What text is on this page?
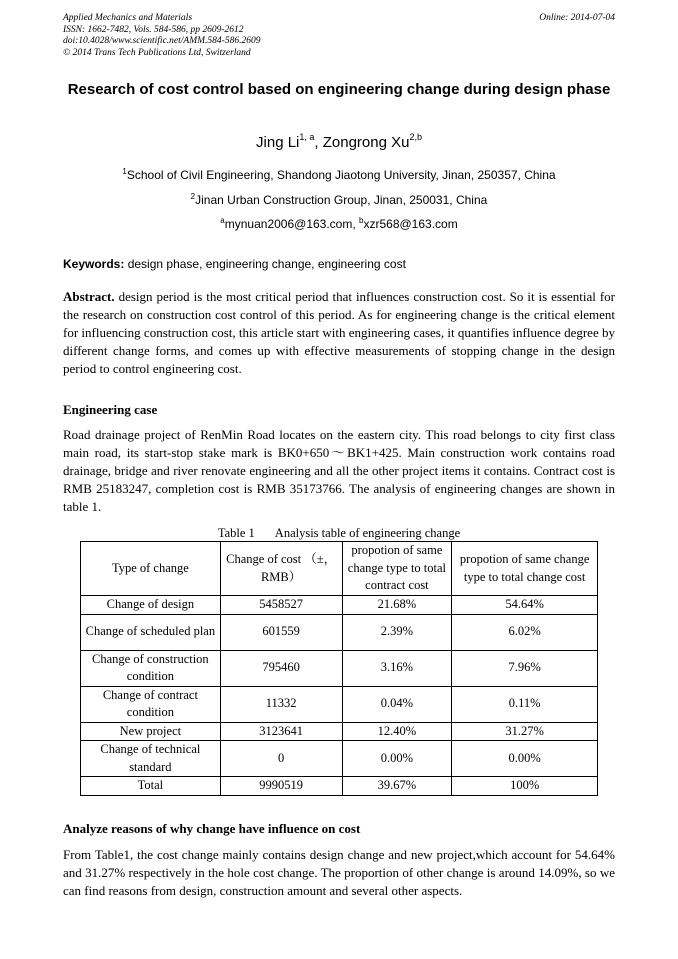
Applied Mechanics and Materials
ISSN: 1662-7482, Vols. 584-586, pp 2609-2612
doi:10.4028/www.scientific.net/AMM.584-586.2609
© 2014 Trans Tech Publications Ltd, Switzerland
Online: 2014-07-04
Research of cost control based on engineering change during design phase
Jing Li$^{1, a}$, Zongrong Xu$^{2,b}$
$^1$School of Civil Engineering, Shandong Jiaotong University, Jinan, 250357, China
$^2$Jinan Urban Construction Group, Jinan, 250031, China
$^a$mynuan2006@163.com, $^b$xzr568@163.com
Keywords: design phase, engineering change, engineering cost

Abstract. design period is the most critical period that influences construction cost. So it is essential for the research on construction cost control of this period. As for engineering change is the critical element for influencing construction cost, this article start with engineering cases, it quantifies influence degree by different change forms, and comes up with effective measurements of stopping change in the design period to control engineering cost.

Engineering case

Road drainage project of RenMin Road locates on the eastern city. This road belongs to city first class main road, its start-stop stake mark is BK0+650～BK1+425. Main construction work contains road drainage, bridge and river renovate engineering and all the other project items it contains. Contract cost is RMB 25183247, completion cost is RMB 35173766. The analysis of engineering changes are shown in table 1.

Table 1 Analysis table of engineering change
Type of change	Change of cost （±，RMB）	propotion of same change type to total contract cost	propotion of same change type to total change cost
Change of design	5458527	21.68%	54.64%
Change of scheduled plan	601559	2.39%	6.02%
Change of construction condition	795460	3.16%	7.96%
Change of contract condition	11332	0.04%	0.11%
New project	3123641	12.40%	31.27%
Change of technical standard	0	0.00%	0.00%
Total	9990519	39.67%	100%

Analyze reasons of why change have influence on cost

From Table1, the cost change mainly contains design change and new project,which account for 54.64% and 31.27% respectively in the hole cost change. The proportion of other change is around 14.09%, so we can find reasons from design, construction amount and several other aspects.
